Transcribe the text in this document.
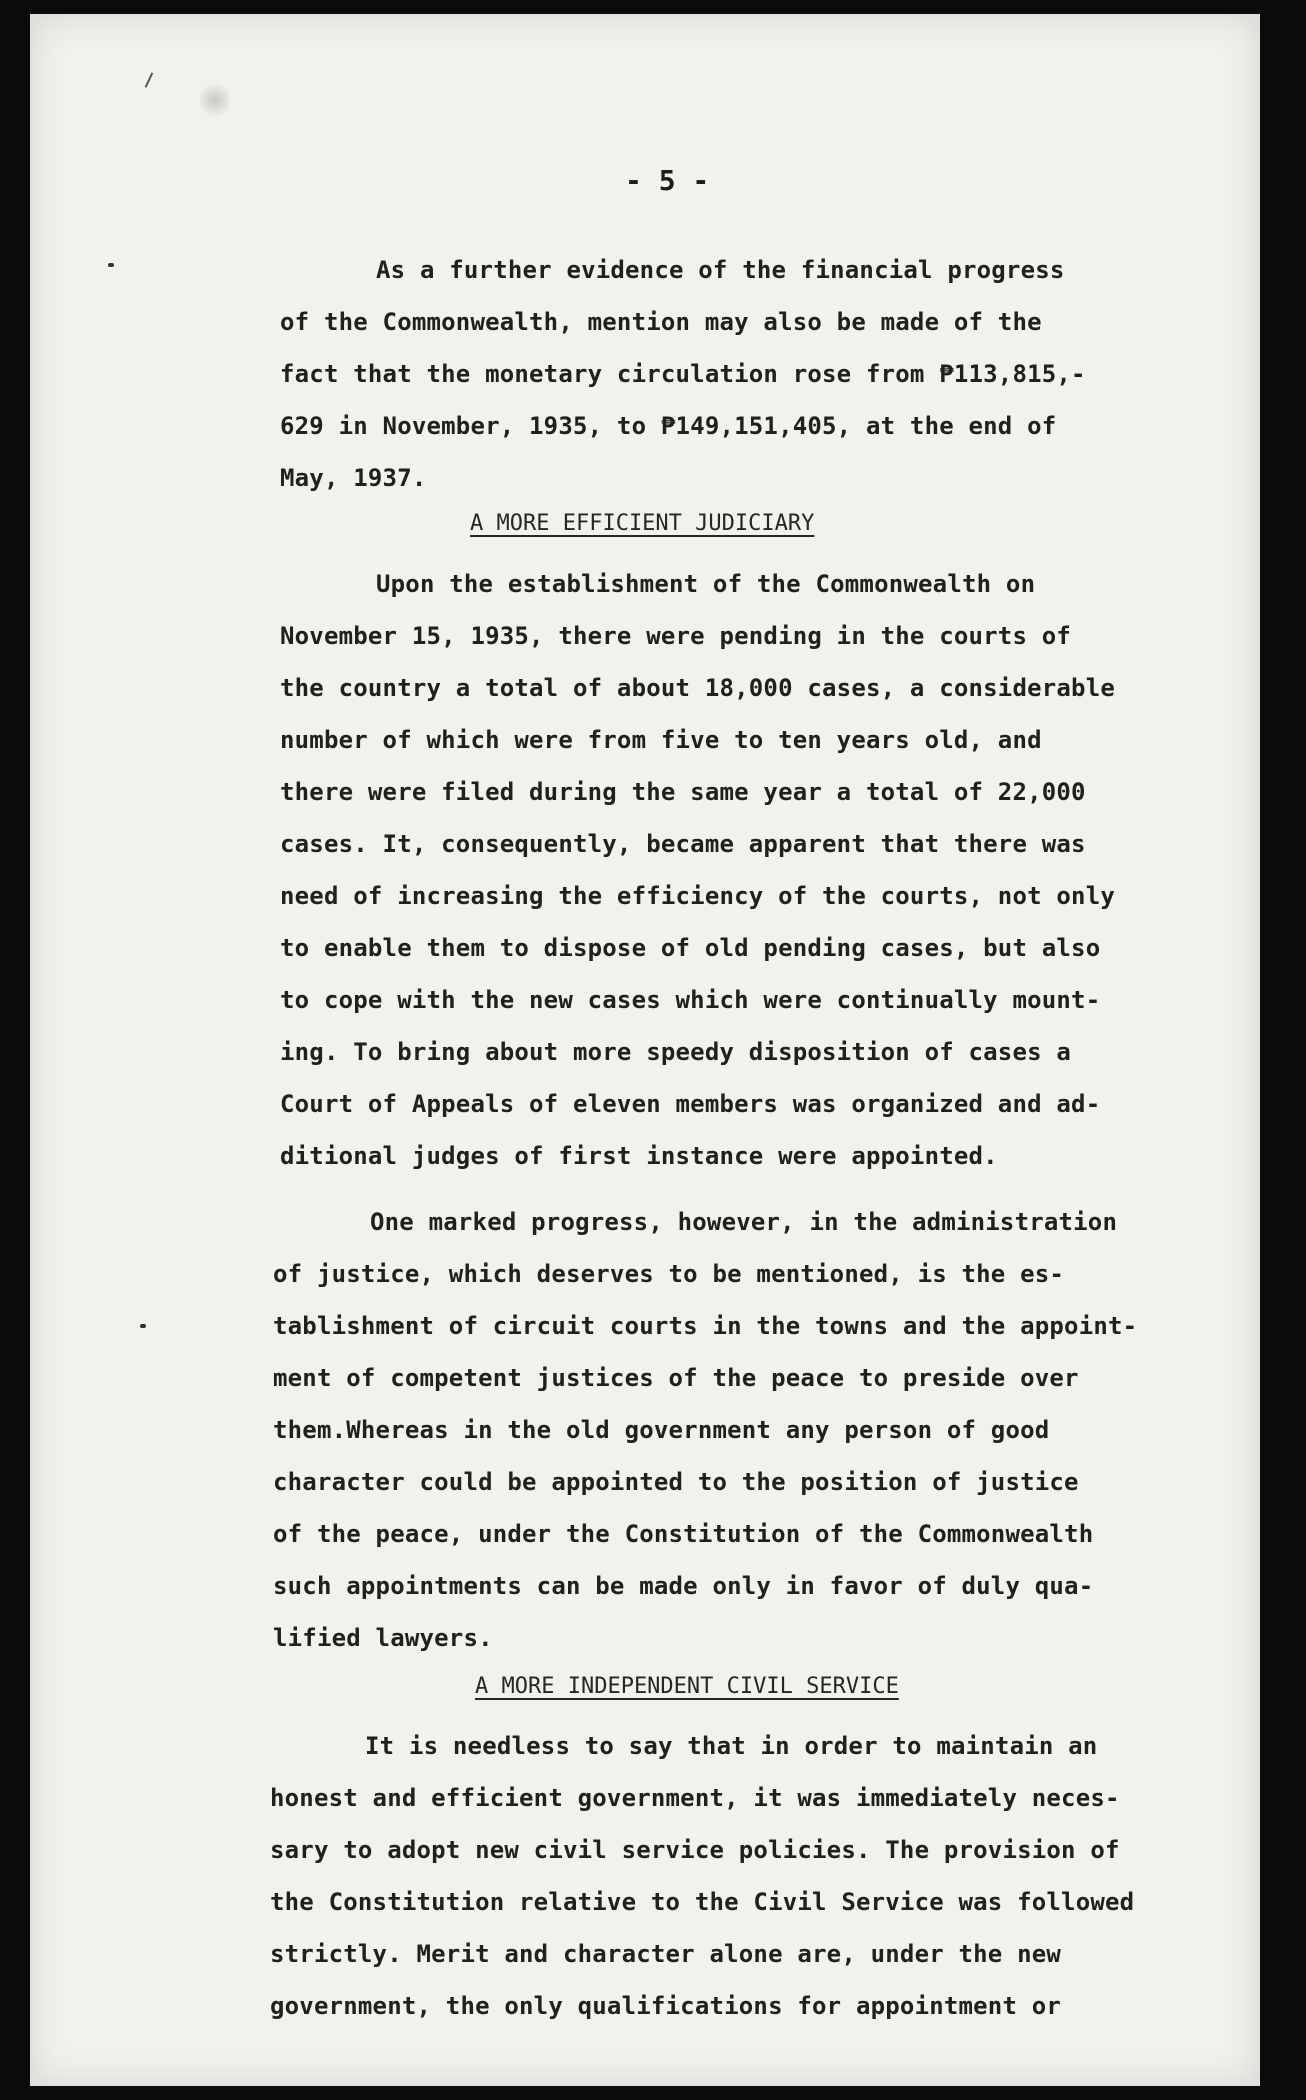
- 5 -
As a further evidence of the financial progress
of the Commonwealth, mention may also be made of the
fact that the monetary circulation rose from ₱113,815,-
629 in November, 1935, to ₱149,151,405, at the end of
May, 1937.
A MORE EFFICIENT JUDICIARY
Upon the establishment of the Commonwealth on
November 15, 1935, there were pending in the courts of
the country a total of about 18,000 cases, a considerable
number of which were from five to ten years old, and
there were filed during the same year a total of 22,000
cases. It, consequently, became apparent that there was
need of increasing the efficiency of the courts, not only
to enable them to dispose of old pending cases, but also
to cope with the new cases which were continually mount-
ing. To bring about more speedy disposition of cases a
Court of Appeals of eleven members was organized and ad-
ditional judges of first instance were appointed.
One marked progress, however, in the administration
of justice, which deserves to be mentioned, is the es-
tablishment of circuit courts in the towns and the appoint-
ment of competent justices of the peace to preside over
them.Whereas in the old government any person of good
character could be appointed to the position of justice
of the peace, under the Constitution of the Commonwealth
such appointments can be made only in favor of duly qua-
lified lawyers.
A MORE INDEPENDENT CIVIL SERVICE
It is needless to say that in order to maintain an
honest and efficient government, it was immediately neces-
sary to adopt new civil service policies. The provision of
the Constitution relative to the Civil Service was followed
strictly. Merit and character alone are, under the new
government, the only qualifications for appointment or
